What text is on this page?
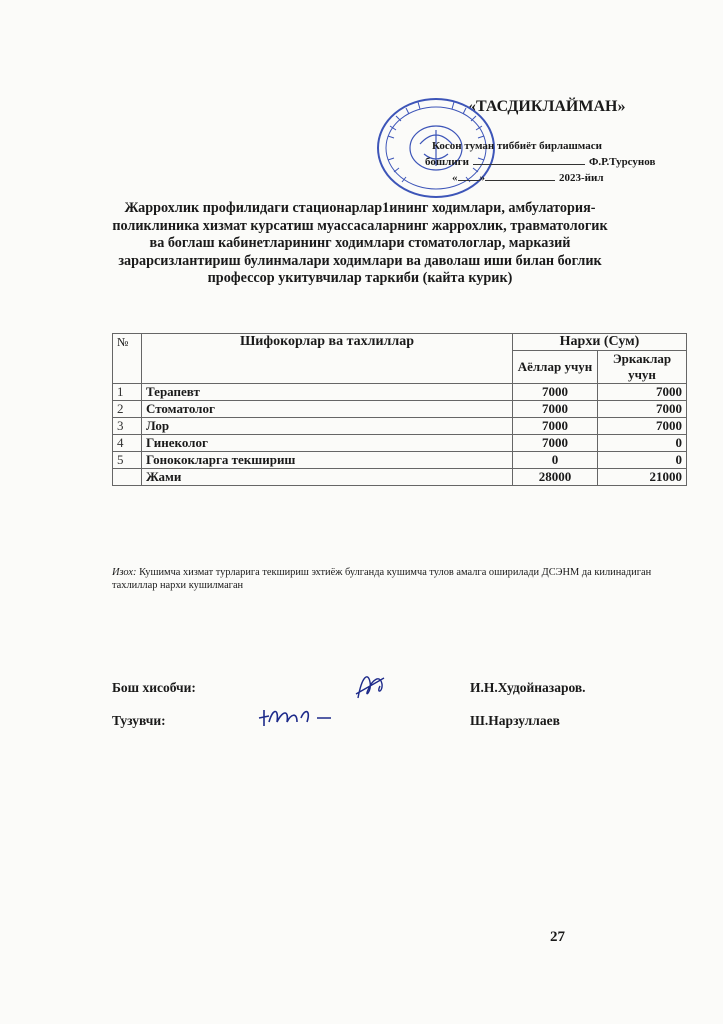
«ТАСДИКЛАЙМАН»
Косон туман тиббиёт бирлашмаси
бошлиги	Ф.Р.Турсунов
« »	2023-йил
Жаррохлик профилидаги стационарлар1ининг ходимлари, амбулатория-поликлиника хизмат курсатиш муассасаларнинг жаррохлик, травматологик ва боглаш кабинетларининг ходимлари стоматологлар, марказий зарарсизлантириш булинмалари ходимлари ва даволаш иши билан боглик профессор укитувчилар таркиби (кайта курик)
№	Шифокорлар ва тахлиллар	Нархи (Сум)	
		Аёллар учун	Эркаклар учун
1	Терапевт	7000	7000
2	Стоматолог	7000	7000
3	Лор	7000	7000
4	Гинеколог	7000	0
5	Гонококларга текшириш	0	0
	Жами	28000	21000
Изох: Кушимча хизмат турларига текшириш эхтиёж булганда кушимча тулов амалга оширилади ДСЭНМ да килинадиган тахлиллар нархи кушилмаган
Бош хисобчи:	И.Н.Худойназаров.
Тузувчи:	Ш.Нарзуллаев
27
